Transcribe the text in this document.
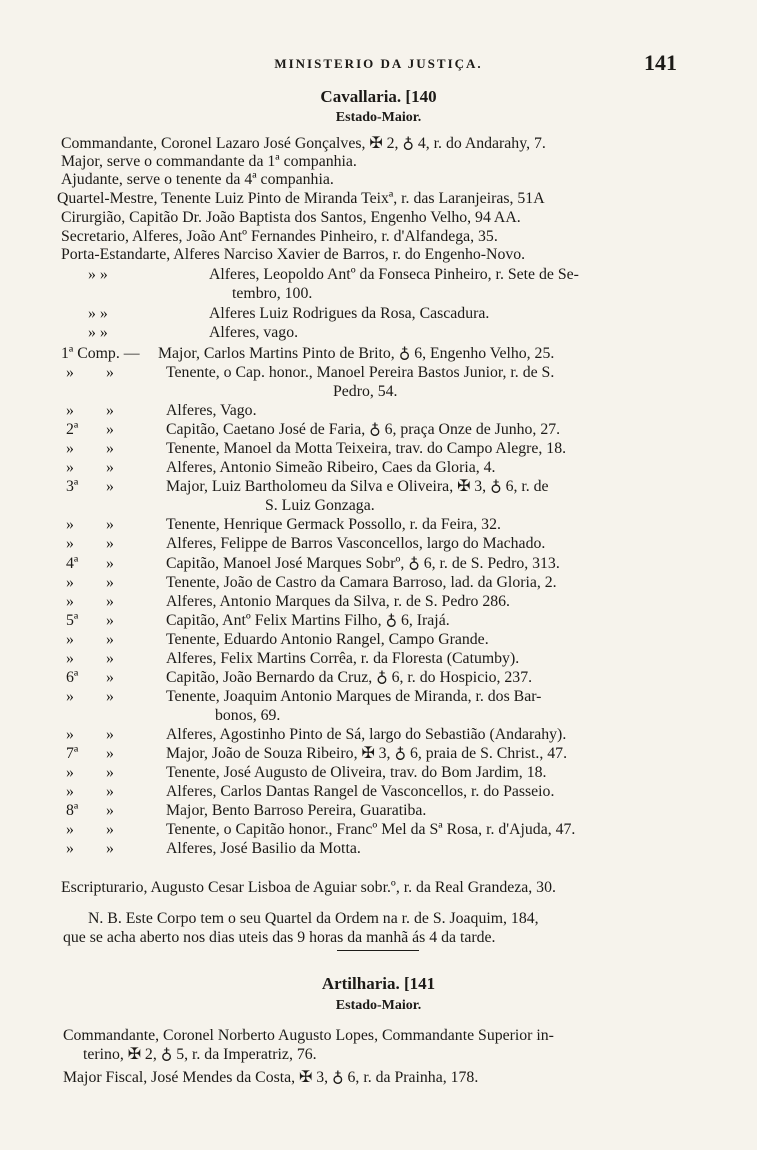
MINISTERIO DA JUSTIÇA.	141
Cavallaria. [140
Estado-Maior.
Commandante, Coronel Lazaro José Gonçalves, ✠ 2, ♁ 4, r. do Andarahy, 7.
Major, serve o commandante da 1ª companhia.
Ajudante, serve o tenente da 4ª companhia.
Quartel-Mestre, Tenente Luiz Pinto de Miranda Teixª, r. das Laranjeiras, 51A
Cirurgião, Capitão Dr. João Baptista dos Santos, Engenho Velho, 94 AA.
Secretario, Alferes, João Antº Fernandes Pinheiro, r. d'Alfandega, 35.
Porta-Estandarte, Alferes Narciso Xavier de Barros, r. do Engenho-Novo.
» »	Alferes, Leopoldo Antº da Fonseca Pinheiro, r. Sete de Se-
tembro, 100.
» »	Alferes Luiz Rodrigues da Rosa, Cascadura.
» »	Alferes, vago.
1ª Comp. — Major, Carlos Martins Pinto de Brito, ♁ 6, Engenho Velho, 25.
» »	Tenente, o Cap. honor., Manoel Pereira Bastos Junior, r. de S.
Pedro, 54.
» »	Alferes, Vago.
2ª »	Capitão, Caetano José de Faria, ♁ 6, praça Onze de Junho, 27.
» »	Tenente, Manoel da Motta Teixeira, trav. do Campo Alegre, 18.
» »	Alferes, Antonio Simeão Ribeiro, Caes da Gloria, 4.
3ª »	Major, Luiz Bartholomeu da Silva e Oliveira, ✠ 3, ♁ 6, r. de
S. Luiz Gonzaga.
» »	Tenente, Henrique Germack Possollo, r. da Feira, 32.
» »	Alferes, Felippe de Barros Vasconcellos, largo do Machado.
4ª »	Capitão, Manoel José Marques Sobrº, ♁ 6, r. de S. Pedro, 313.
» »	Tenente, João de Castro da Camara Barroso, lad. da Gloria, 2.
» »	Alferes, Antonio Marques da Silva, r. de S. Pedro 286.
5ª »	Capitão, Antº Felix Martins Filho, ♁ 6, Irajá.
» »	Tenente, Eduardo Antonio Rangel, Campo Grande.
» »	Alferes, Felix Martins Corrêa, r. da Floresta (Catumby).
6ª »	Capitão, João Bernardo da Cruz, ♁ 6, r. do Hospicio, 237.
» »	Tenente, Joaquim Antonio Marques de Miranda, r. dos Bar-
bonos, 69.
» »	Alferes, Agostinho Pinto de Sá, largo do Sebastião (Andarahy).
7ª »	Major, João de Souza Ribeiro, ✠ 3, ♁ 6, praia de S. Christ., 47.
» »	Tenente, José Augusto de Oliveira, trav. do Bom Jardim, 18.
» »	Alferes, Carlos Dantas Rangel de Vasconcellos, r. do Passeio.
8ª »	Major, Bento Barroso Pereira, Guaratiba.
» »	Tenente, o Capitão honor., Francº Mel da Sª Rosa, r. d'Ajuda, 47.
» »	Alferes, José Basilio da Motta.
Escripturario, Augusto Cesar Lisboa de Aguiar sobr.º, r. da Real Grandeza, 30.
N. B. Este Corpo tem o seu Quartel da Ordem na r. de S. Joaquim, 184,
que se acha aberto nos dias uteis das 9 horas da manhã ás 4 da tarde.
Artilharia. [141
Estado-Maior.
Commandante, Coronel Norberto Augusto Lopes, Commandante Superior in-
terino, ✠ 2, ♁ 5, r. da Imperatriz, 76.
Major Fiscal, José Mendes da Costa, ✠ 3, ♁ 6, r. da Prainha, 178.
